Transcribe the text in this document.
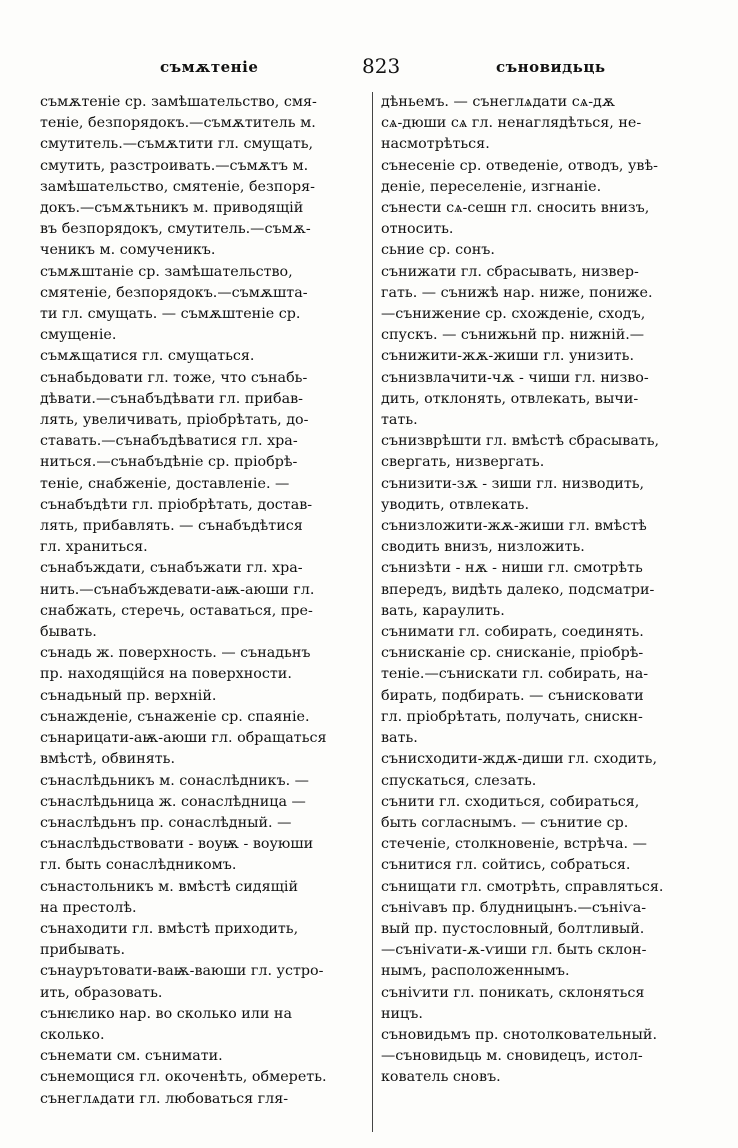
съмѫтеніе	823	съновидьць
съмѫтеніе ср. замѣшательство, смя-
теніе, безпорядокъ.—съмѫтитель м.
смутитель.—съмѫтити гл. смущать,
смутить, разстроивать.—съмѫтъ м.
замѣшательство, смятеніе, безпоря-
докъ.—съмѫтьникъ м. приводящій
въ безпорядокъ, смутитель.—съмѫ-
ченикъ м. сомученикъ.
съмѫштаніе ср. замѣшательство,
смятеніе, безпорядокъ.—съмѫшта-
ти гл. смущать. — съмѫштеніе ср.
смущеніе.
съмѫщатися гл. смущаться.
сънабьдовати гл. тоже, что сънабь-
дѣвати.—сънабъдѣвати гл. прибав-
лять, увеличивать, пріобрѣтать, до-
ставать.—сънабъдѣватися гл. хра-
ниться.—сънабъдѣніе ср. пріобрѣ-
теніе, снабженіе, доставленіе. —
сънабъдѣти гл. пріобрѣтать, достав-
лять, прибавлять. — сънабъдѣтися
гл. храниться.
сънабъждати, сънабъжати гл. хра-
нить.—сънабъждевати-аѭ-аюши гл.
снабжать, стеречь, оставаться, пре-
бывать.
сънадь ж. поверхность. — сънадьнъ
пр. находящійся на поверхности.
сънадьный пр. верхній.
сънажденіе, сънаженіе ср. спаяніе.
сънарицати-аѭ-аюши гл. обращаться
вмѣстѣ, обвинять.
сънаслѣдьникъ м. сонаслѣдникъ. —
сънаслѣдьница ж. сонаслѣдница —
сънаслѣдьнъ пр. сонаслѣдный. —
сънаслѣдьствовати - воуѭ - воуюши
гл. быть сонаслѣдникомъ.
сънастольникъ м. вмѣстѣ сидящій
на престолѣ.
сънаходити гл. вмѣстѣ приходить,
прибывать.
сънаурътовати-ваѭ-ваюши гл. устро-
ить, образовать.
сънѥлико нар. во сколько или на
сколько.
сънемати см. сънимати.
сънемощися гл. окоченѣть, обмереть.
сънеглѧдати гл. любоваться гля-
дѣньемъ. — сънеглѧдати сѧ-дѫ
сѧ-дюши сѧ гл. ненаглядѣться, не-
насмотрѣться.
сънесеніе ср. отведеніе, отводъ, увѣ-
деніе, переселеніе, изгнаніе.
сънести сѧ-сешн гл. сносить внизъ,
относить.
сьние ср. сонъ.
сънижати гл. сбрасывать, низвер-
гать. — сънижѣ нар. ниже, пониже.
—сънижение ср. схожденіе, сходъ,
спускъ. — сънижьнй пр. нижній.—
сънижити-жѫ-жиши гл. унизить.
сънизвлачити-чѫ - чиши гл. низво-
дить, отклонять, отвлекать, вычи-
тать.
сънизврѣшти гл. вмѣстѣ сбрасывать,
свергать, низвергать.
сънизити-зѫ - зиши гл. низводить,
уводить, отвлекать.
сънизложити-жѫ-жиши гл. вмѣстѣ
сводить внизъ, низложить.
сънизѣти - нѫ - ниши гл. смотрѣть
впередъ, видѣть далеко, подсматри-
вать, караулить.
сънимати гл. собирать, соединять.
сънисканіе ср. снисканіе, пріобрѣ-
теніе.—сънискати гл. собирать, на-
бирать, подбирать. — сънисковати
гл. пріобрѣтать, получать, снискн-
вать.
сънисходити-ждѫ-диши гл. сходить,
спускаться, слезать.
сънити гл. сходиться, собираться,
быть согласнымъ. — сънитие ср.
стеченіе, столкновеніе, встрѣча. —
сънитися гл. сойтись, собраться.
сънищати гл. смотрѣть, справляться.
сънiѵавъ пр. блудницынъ.—сънiѵа-
вый пр. пустословный, болтливый.
—сънiѵати-ѫ-ѵиши гл. быть склон-
нымъ, расположеннымъ.
сънiѵити гл. поникать, склоняться
ницъ.
съновидьмъ пр. снотолковательный.
—съновидьць м. сновидецъ, истол-
кователь сновъ.
